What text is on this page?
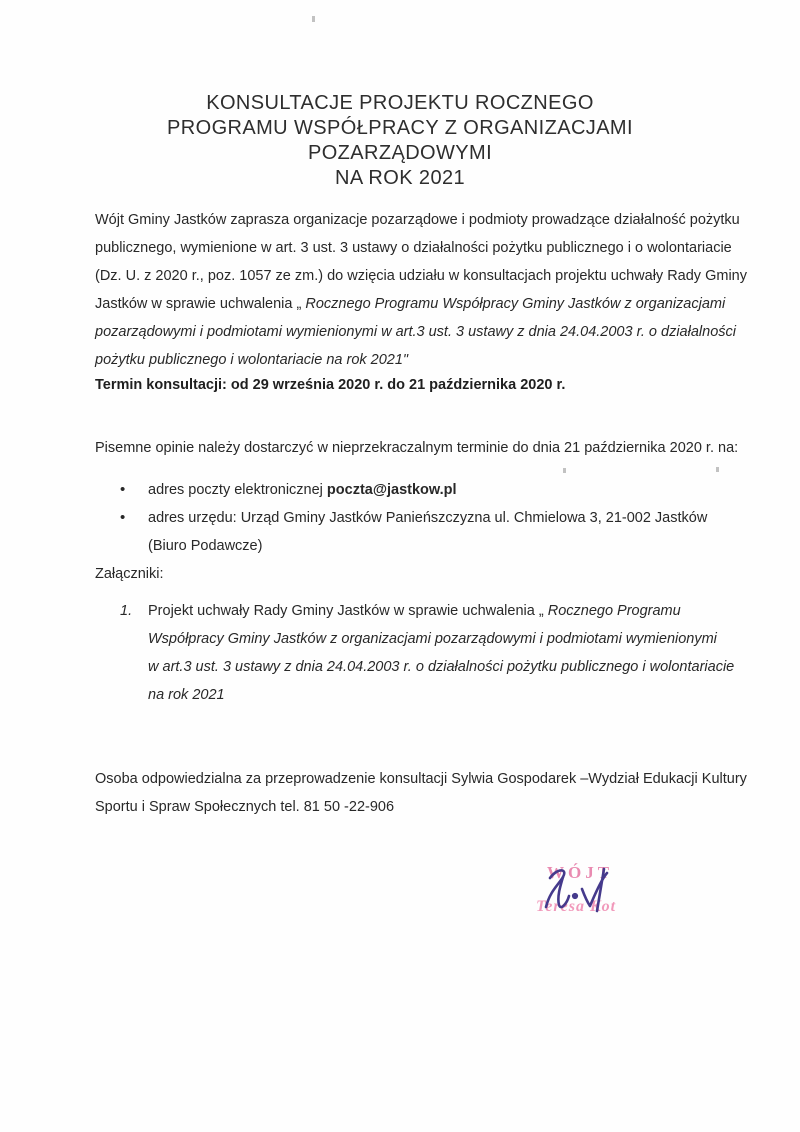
KONSULTACJE PROJEKTU ROCZNEGO
PROGRAMU WSPÓŁPRACY Z ORGANIZACJAMI
POZARZĄDOWYMI
NA ROK 2021
Wójt Gminy Jastków zaprasza organizacje pozarządowe i podmioty prowadzące działalność pożytku
publicznego, wymienione w art. 3 ust. 3 ustawy o działalności pożytku publicznego i o wolontariacie
(Dz. U. z 2020 r., poz. 1057 ze zm.) do wzięcia udziału w konsultacjach projektu uchwały Rady Gminy
Jastków w sprawie uchwalenia „ Rocznego Programu Współpracy Gminy Jastków z organizacjami
pozarządowymi i podmiotami wymienionymi w art.3 ust. 3 ustawy z dnia 24.04.2003 r. o działalności
pożytku publicznego i wolontariacie na rok 2021"
Termin konsultacji: od 29 września 2020 r. do 21 października 2020 r.
Pisemne opinie należy dostarczyć w nieprzekraczalnym terminie do dnia 21 października 2020 r. na:
•	adres poczty elektronicznej poczta@jastkow.pl
•	adres urzędu: Urząd Gminy Jastków Panieńszczyzna ul. Chmielowa 3, 21-002 Jastków
(Biuro Podawcze)
Załączniki:
1.	Projekt uchwały Rady Gminy Jastków w sprawie uchwalenia „ Rocznego Programu
Współpracy Gminy Jastków z organizacjami pozarządowymi i podmiotami wymienionymi
w art.3 ust. 3 ustawy z dnia 24.04.2003 r. o działalności pożytku publicznego i wolontariacie
na rok 2021
Osoba odpowiedzialna za przeprowadzenie konsultacji Sylwia Gospodarek –Wydział Edukacji Kultury
Sportu i Spraw Społecznych tel. 81 50 -22-906
WÓJT
Teresa Kot
